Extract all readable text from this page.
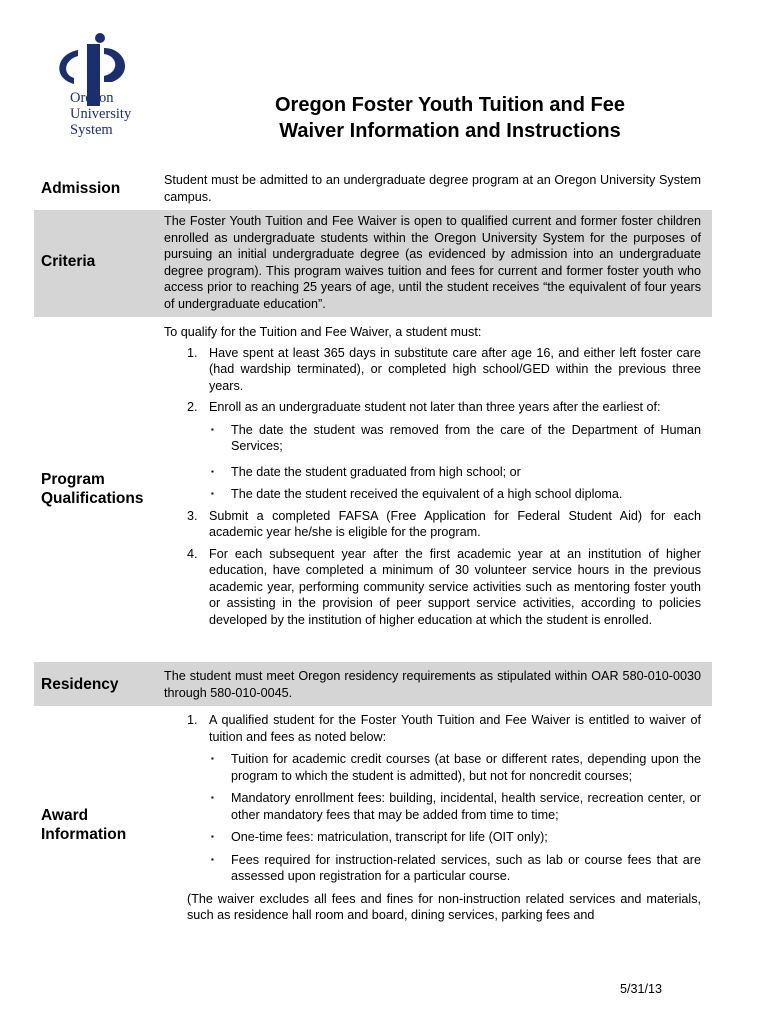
Oregon
University
System
Oregon Foster Youth Tuition and Fee
Waiver Information and Instructions
Admission	Student must be admitted to an undergraduate degree program at an Oregon University System campus.
Criteria
The Foster Youth Tuition and Fee Waiver is open to qualified current and former foster children enrolled as undergraduate students within the Oregon University System for the purposes of pursuing an initial undergraduate degree (as evidenced by admission into an undergraduate degree program). This program waives tuition and fees for current and former foster youth who access prior to reaching 25 years of age, until the student receives “the equivalent of four years of undergraduate education”.
Program
Qualifications

To qualify for the Tuition and Fee Waiver, a student must:

1. Have spent at least 365 days in substitute care after age 16, and either left foster care (had wardship terminated), or completed high school/GED within the previous three years.
2. Enroll as an undergraduate student not later than three years after the earliest of:
▪ The date the student was removed from the care of the Department of Human Services;
▪ The date the student graduated from high school; or
▪ The date the student received the equivalent of a high school diploma.
3. Submit a completed FAFSA (Free Application for Federal Student Aid) for each academic year he/she is eligible for the program.
4. For each subsequent year after the first academic year at an institution of higher education, have completed a minimum of 30 volunteer service hours in the previous academic year, performing community service activities such as mentoring foster youth or assisting in the provision of peer support service activities, according to policies developed by the institution of higher education at which the student is enrolled.
Residency	The student must meet Oregon residency requirements as stipulated within OAR 580-010-0030 through 580-010-0045.
Award
Information
1. A qualified student for the Foster Youth Tuition and Fee Waiver is entitled to waiver of tuition and fees as noted below:
▪ Tuition for academic credit courses (at base or different rates, depending upon the program to which the student is admitted), but not for noncredit courses;
▪ Mandatory enrollment fees: building, incidental, health service, recreation center, or other mandatory fees that may be added from time to time;
▪ One-time fees: matriculation, transcript for life (OIT only);
▪ Fees required for instruction-related services, such as lab or course fees that are assessed upon registration for a particular course.

(The waiver excludes all fees and fines for non-instruction related services and materials, such as residence hall room and board, dining services, parking fees and

5/31/13
